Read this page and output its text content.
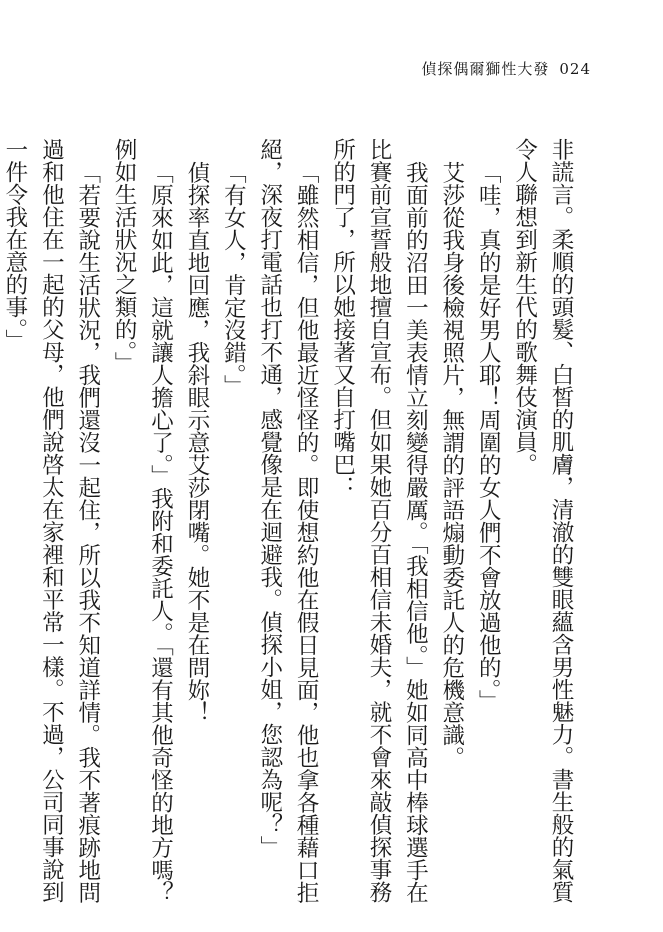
偵探偶爾獅性大發 024

非謊言。柔順的頭髮、白皙的肌膚，清澈的雙眼蘊含男性魅力。書生般的氣質令人聯想到新生代的歌舞伎演員。

「哇，真的是好男人耶！周圍的女人們不會放過他的。」

艾莎從我身後檢視照片，無謂的評語煽動委託人的危機意識。

我面前的沼田一美表情立刻變得嚴厲。「我相信他。」她如同高中棒球選手在比賽前宣誓般地擅自宣布。但如果她百分百相信未婚夫，就不會來敲偵探事務所的門了，所以她接著又自打嘴巴：

「雖然相信，但他最近怪怪的。即使想約他在假日見面，他也拿各種藉口拒絕，深夜打電話也打不通，感覺像是在迴避我。偵探小姐，您認為呢？」

「有女人，肯定沒錯。」

偵探率直地回應，我斜眼示意艾莎閉嘴。她不是在問妳！

「原來如此，這就讓人擔心了。」我附和委託人。「還有其他奇怪的地方嗎？例如生活狀況之類的。」

「若要說生活狀況，我們還沒一起住，所以我不知道詳情。我不著痕跡地問過和他住在一起的父母，他們說啓太在家裡和平常一樣。不過，公司同事說到一件令我在意的事。」
